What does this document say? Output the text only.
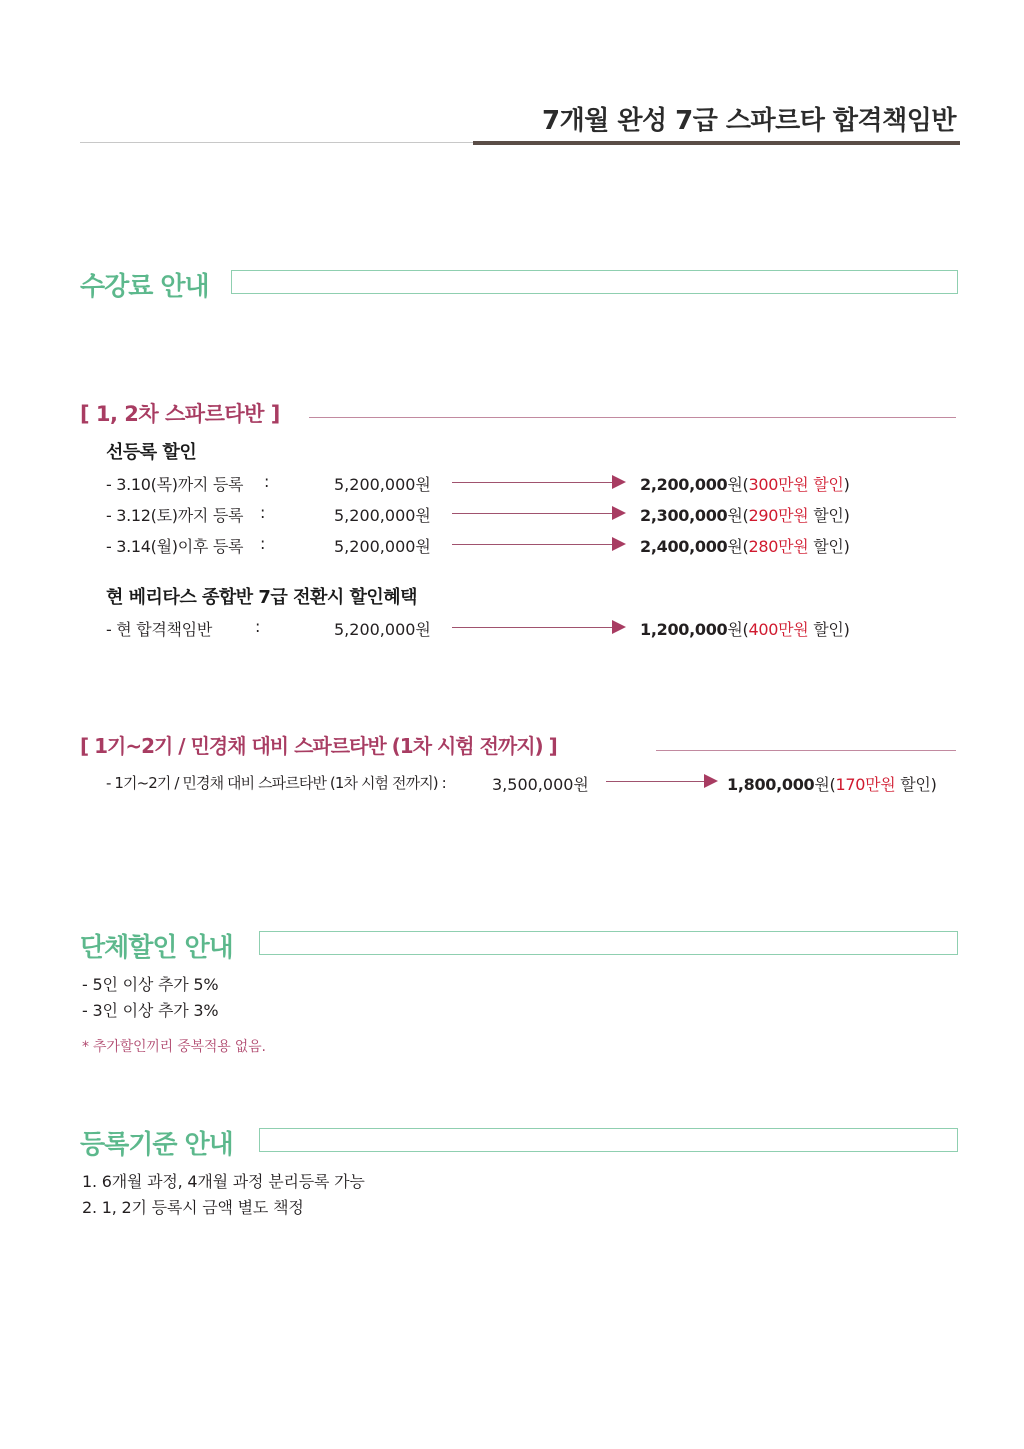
7개월 완성 7급 스파르타 합격책임반
수강료 안내
[ 1, 2차 스파르타반 ]
선등록 할인
- 3.10(목)까지 등록 :	5,200,000원	2,200,000원(300만원 할인)
- 3.12(토)까지 등록 :	5,200,000원	2,300,000원(290만원 할인)
- 3.14(월)이후 등록 :	5,200,000원	2,400,000원(280만원 할인)
현 베리타스 종합반 7급 전환시 할인혜택
- 현 합격책임반	:	5,200,000원	1,200,000원(400만원 할인)
[ 1기~2기 / 민경채 대비 스파르타반 (1차 시험 전까지) ]
- 1기~2기 / 민경채 대비 스파르타반 (1차 시험 전까지) :	3,500,000원	1,800,000원(170만원 할인)
단체할인 안내
- 5인 이상 추가 5%
- 3인 이상 추가 3%
* 추가할인끼리 중복적용 없음.
등록기준 안내
1. 6개월 과정, 4개월 과정 분리등록 가능
2. 1, 2기 등록시 금액 별도 책정
